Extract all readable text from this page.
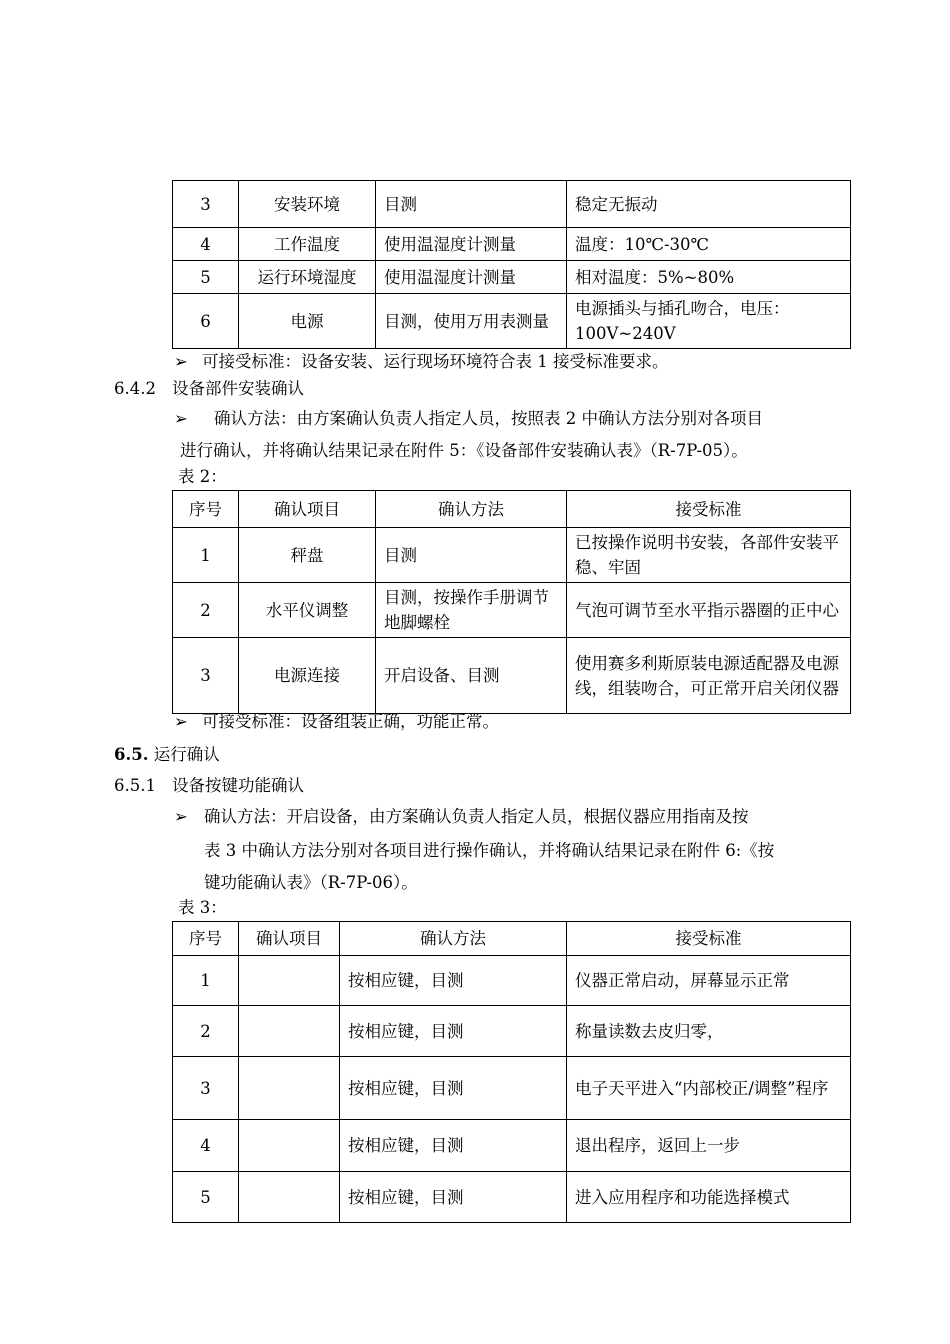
3	安装环境	目测	稳定无振动
4	工作温度	使用温湿度计测量	温度：10℃-30℃
5	运行环境湿度	使用温湿度计测量	相对温度：5%~80%
6	电源	目测，使用万用表测量	电源插头与插孔吻合，电压：100V~240V
➢ 可接受标准：设备安装、运行现场环境符合表 1 接受标准要求。
6.4.2 设备部件安装确认
➢ 确认方法：由方案确认负责人指定人员，按照表 2 中确认方法分别对各项目
进行确认，并将确认结果记录在附件 5：《设备部件安装确认表》（R-7P-05）。
表 2：
序号	确认项目	确认方法	接受标准
1	秤盘	目测	已按操作说明书安装，各部件安装平稳、牢固
2	水平仪调整	目测，按操作手册调节地脚螺栓	气泡可调节至水平指示器圈的正中心
3	电源连接	开启设备、目测	使用赛多利斯原装电源适配器及电源线，组装吻合，可正常开启关闭仪器
➢ 可接受标准：设备组装正确，功能正常。
6.5. 运行确认
6.5.1 设备按键功能确认
➢ 确认方法：开启设备，由方案确认负责人指定人员，根据仪器应用指南及按
表 3 中确认方法分别对各项目进行操作确认，并将确认结果记录在附件 6:《按
键功能确认表》（R-7P-06）。
表 3：
序号	确认项目	确认方法	接受标准
1		按相应键，目测	仪器正常启动，屏幕显示正常
2		按相应键，目测	称量读数去皮归零，
3		按相应键，目测	电子天平进入“内部校正/调整”程序
4		按相应键，目测	退出程序，返回上一步
5		按相应键，目测	进入应用程序和功能选择模式
